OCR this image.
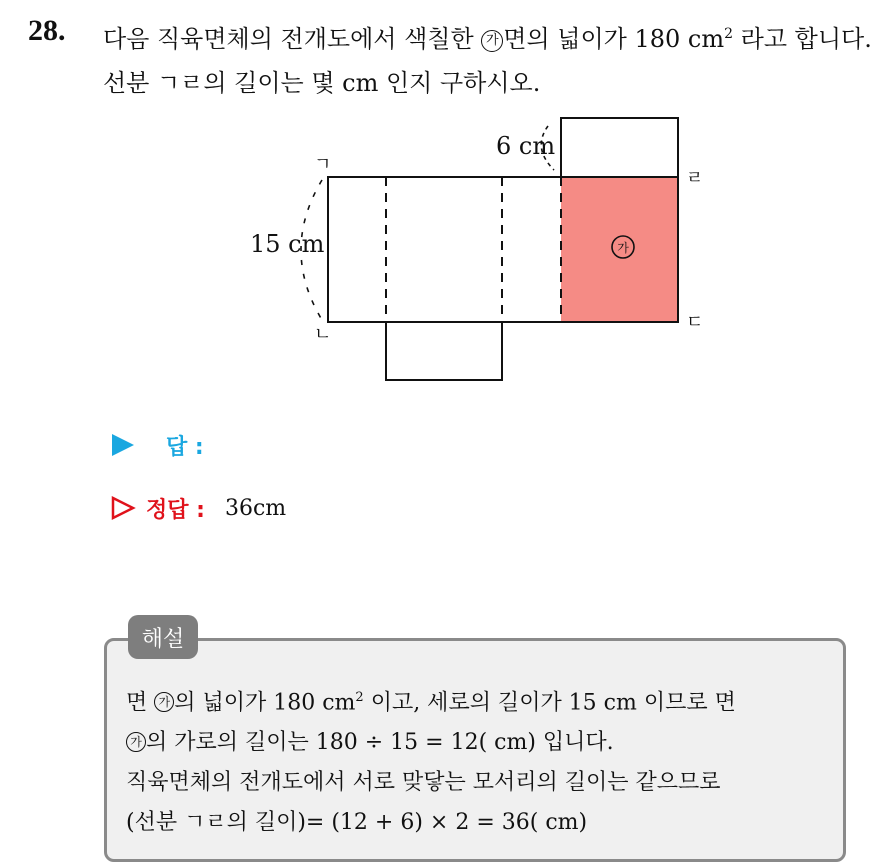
28. 다음 직육면체의 전개도에서 색칠한 가 면의 넓이가 180 $cm^2$ 라고 합니다. 선분 ㄱㄹ의 길이는 몇 cm 인지 구하시오.
6 cm
15 cm
ㄱ
ㄴ
ㄹ
ㄷ
가
답 :
정답 : 36cm
해설
면 가 의 넓이가 180 $cm^2$ 이고, 세로의 길이가 15 cm 이므로 면
가 의 가로의 길이는 180 ÷ 15 = 12( cm) 입니다.
직육면체의 전개도에서 서로 맞닿는 모서리의 길이는 같으므로
(선분 ㄱㄹ의 길이)= (12 + 6) × 2 = 36( cm)
